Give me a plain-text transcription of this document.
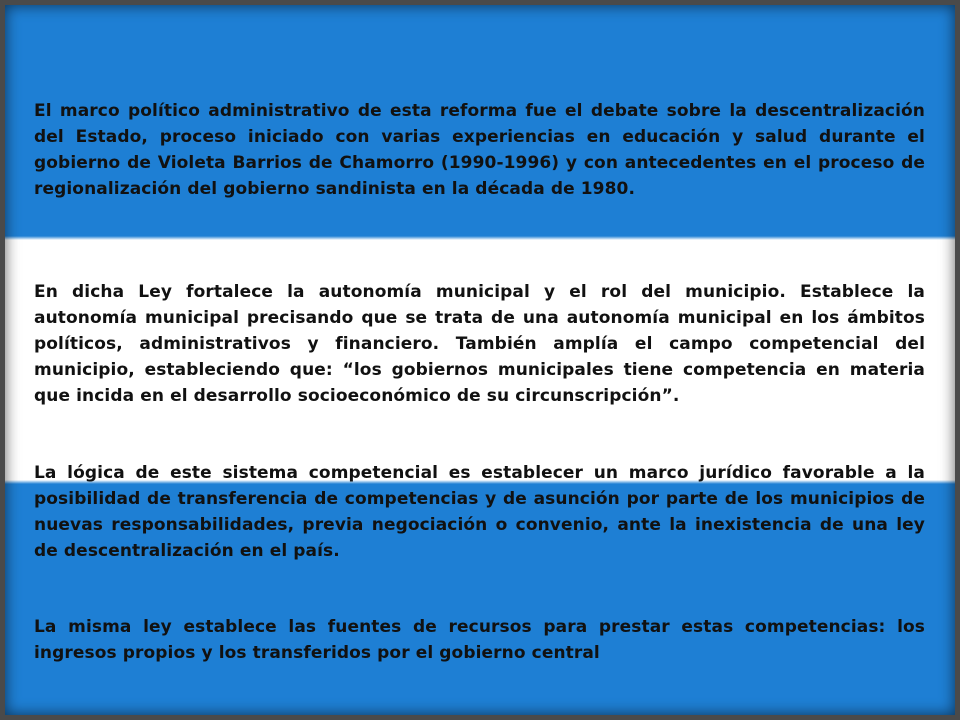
El marco político administrativo de esta reforma fue el debate sobre la descentralización del Estado, proceso iniciado con varias experiencias en educación y salud durante el gobierno de Violeta Barrios de Chamorro (1990-1996) y con antecedentes en el proceso de regionalización del gobierno sandinista en la década de 1980.
En dicha Ley fortalece la autonomía municipal y el rol del municipio. Establece la autonomía municipal precisando que se trata de una autonomía municipal en los ámbitos políticos, administrativos y financiero. También amplía el campo competencial del municipio, estableciendo que: “los gobiernos municipales tiene competencia en materia que incida en el desarrollo socioeconómico de su circunscripción”.
La lógica de este sistema competencial es establecer un marco jurídico favorable a la posibilidad de transferencia de competencias y de asunción por parte de los municipios de nuevas responsabilidades, previa negociación o convenio, ante la inexistencia de una ley de descentralización en el país.
La misma ley establece las fuentes de recursos para prestar estas competencias: los ingresos propios y los transferidos por el gobierno central
